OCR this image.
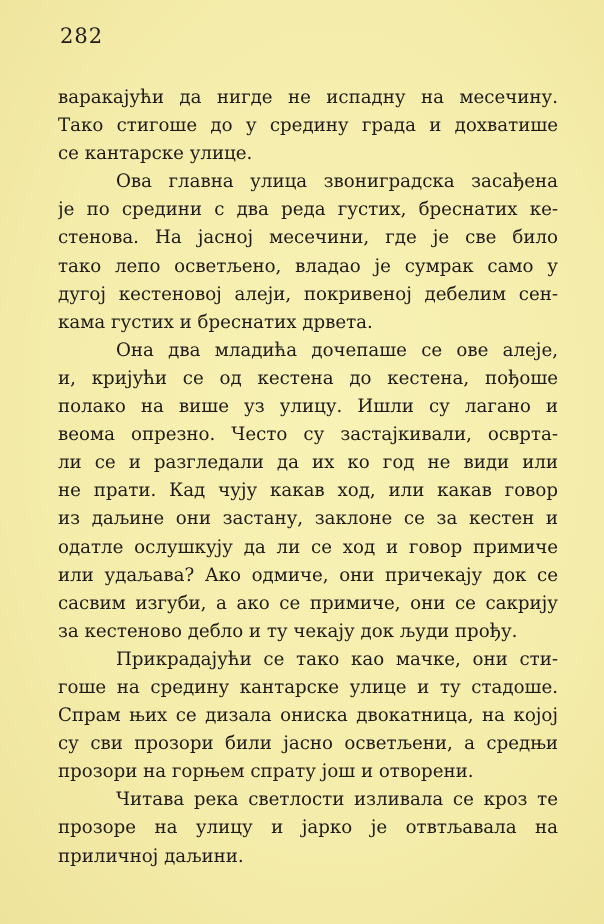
282
варакајући да нигде не испадну на месечину.
Тако стигоше до у средину града и дохватише
се кантарске улице.
Ова главна улица звониградска засађена
је по средини с два реда густих, бреснатих ке-
стенова. На јасној месечини, где је све било
тако лепо осветљено, владао је сумрак само у
дугој кестеновој алеји, покривеној дебелим сен-
кама густих и бреснатих дрвета.
Она два младића дочепаше се ове алеје,
и, кријући се од кестена до кестена, пођоше
полако на више уз улицу. Ишли су лагано и
веома опрезно. Често су застајкивали, осврта-
ли се и разгледали да их ко год не види или
не прати. Кад чују какав ход, или какав говор
из даљине они застану, заклоне се за кестен и
одатле ослушкују да ли се ход и говор примиче
или удаљава? Ако одмиче, они причекају док се
сасвим изгуби, а ако се примиче, они се сакрију
за кестеново дебло и ту чекају док људи прођу.
Прикрадајући се тако као мачке, они сти-
гоше на средину кантарске улице и ту стадоше.
Спрам њих се дизала ониска двокатница, на којој
су сви прозори били јасно осветљени, а средњи
прозори на горњем спрату још и отворени.
Читава река светлости изливала се кроз те
прозоре на улицу и јарко је отвтљавала на
приличној даљини.
